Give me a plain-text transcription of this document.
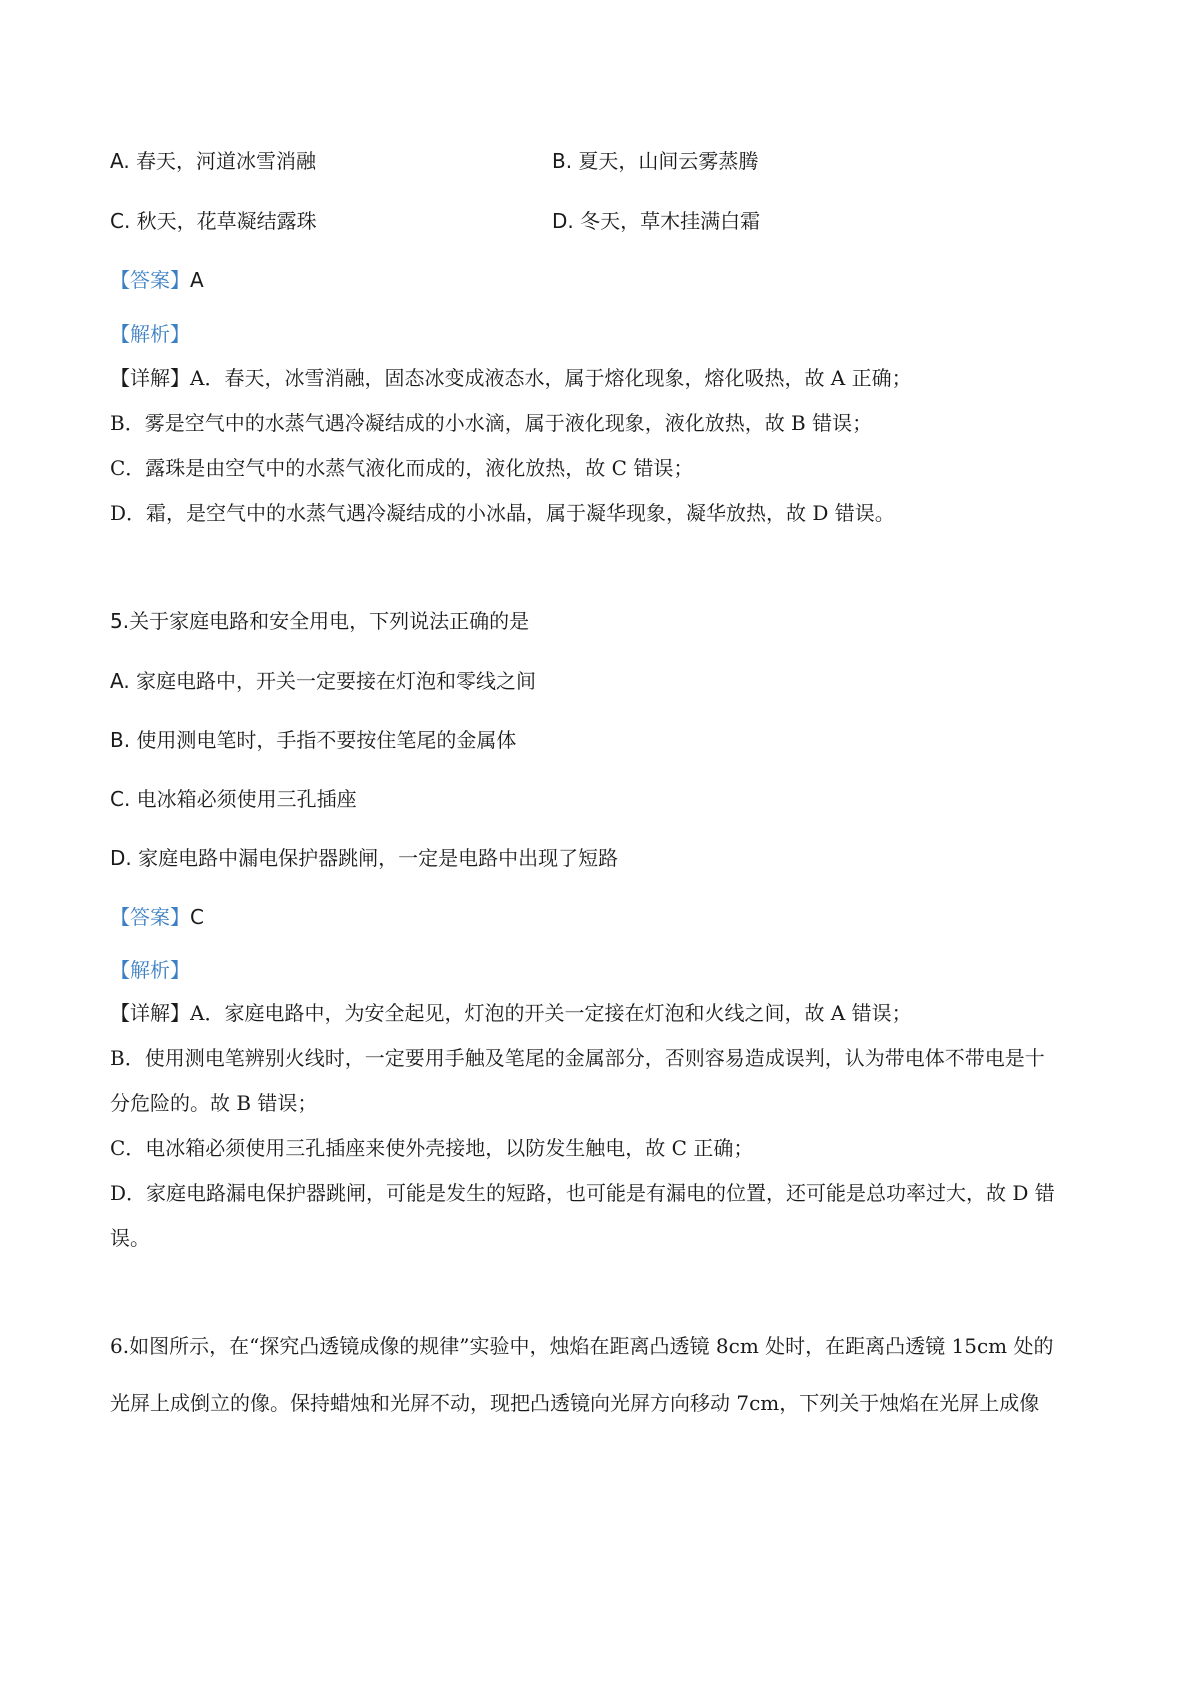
A. 春天，河道冰雪消融	B. 夏天，山间云雾蒸腾
C. 秋天，花草凝结露珠	D. 冬天，草木挂满白霜
【答案】A
【解析】
【详解】A．春天，冰雪消融，固态冰变成液态水，属于熔化现象，熔化吸热，故 A 正确；
B．雾是空气中的水蒸气遇冷凝结成的小水滴，属于液化现象，液化放热，故 B 错误；
C．露珠是由空气中的水蒸气液化而成的，液化放热，故 C 错误；
D．霜，是空气中的水蒸气遇冷凝结成的小冰晶，属于凝华现象，凝华放热，故 D 错误。
5.关于家庭电路和安全用电，下列说法正确的是
A. 家庭电路中，开关一定要接在灯泡和零线之间
B. 使用测电笔时，手指不要按住笔尾的金属体
C. 电冰箱必须使用三孔插座
D. 家庭电路中漏电保护器跳闸，一定是电路中出现了短路
【答案】C
【解析】
【详解】A．家庭电路中，为安全起见，灯泡的开关一定接在灯泡和火线之间，故 A 错误；
B．使用测电笔辨别火线时，一定要用手触及笔尾的金属部分，否则容易造成误判，认为带电体不带电是十
分危险的。故 B 错误；
C．电冰箱必须使用三孔插座来使外壳接地，以防发生触电，故 C 正确；
D．家庭电路漏电保护器跳闸，可能是发生的短路，也可能是有漏电的位置，还可能是总功率过大，故 D 错
误。
6.如图所示，在“探究凸透镜成像的规律”实验中，烛焰在距离凸透镜 8cm 处时，在距离凸透镜 15cm 处的
光屏上成倒立的像。保持蜡烛和光屏不动，现把凸透镜向光屏方向移动 7cm，下列关于烛焰在光屏上成像
